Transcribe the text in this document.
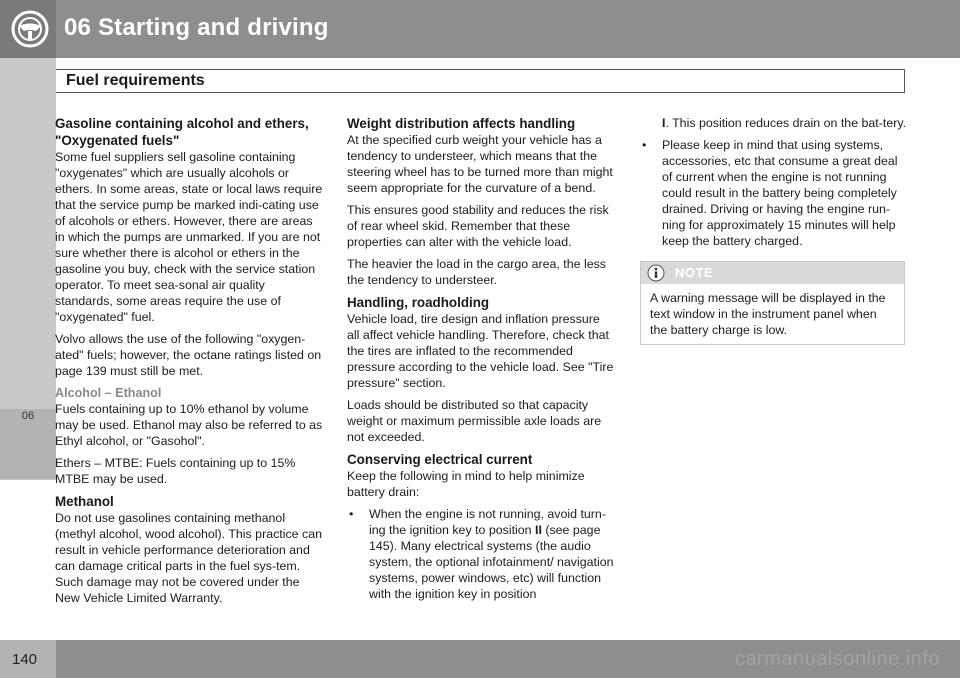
06 Starting and driving
Fuel requirements
06
Gasoline containing alcohol and ethers, "Oxygenated fuels"

Some fuel suppliers sell gasoline containing "oxygenates" which are usually alcohols or ethers. In some areas, state or local laws require that the service pump be marked indi-cating use of alcohols or ethers. However, there are areas in which the pumps are unmarked. If you are not sure whether there is alcohol or ethers in the gasoline you buy, check with the service station operator. To meet sea-sonal air quality standards, some areas require the use of "oxygenated" fuel.

Volvo allows the use of the following "oxygen-ated" fuels; however, the octane ratings listed on page 139 must still be met.

Alcohol – Ethanol

Fuels containing up to 10% ethanol by volume may be used. Ethanol may also be referred to as Ethyl alcohol, or "Gasohol".

Ethers – MTBE: Fuels containing up to 15% MTBE may be used.

Methanol

Do not use gasolines containing methanol (methyl alcohol, wood alcohol). This practice can result in vehicle performance deterioration and can damage critical parts in the fuel sys-tem. Such damage may not be covered under the New Vehicle Limited Warranty.

Weight distribution affects handling

At the specified curb weight your vehicle has a tendency to understeer, which means that the steering wheel has to be turned more than might seem appropriate for the curvature of a bend.

This ensures good stability and reduces the risk of rear wheel skid. Remember that these properties can alter with the vehicle load.

The heavier the load in the cargo area, the less the tendency to understeer.

Handling, roadholding

Vehicle load, tire design and inflation pressure all affect vehicle handling. Therefore, check that the tires are inflated to the recommended pressure according to the vehicle load. See "Tire pressure" section.

Loads should be distributed so that capacity weight or maximum permissible axle loads are not exceeded.

Conserving electrical current

Keep the following in mind to help minimize battery drain:

• When the engine is not running, avoid turn-ing the ignition key to position II (see page 145). Many electrical systems (the audio system, the optional infotainment/ navigation systems, power windows, etc) will function with the ignition key in position
I. This position reduces drain on the bat-tery.
• Please keep in mind that using systems, accessories, etc that consume a great deal of current when the engine is not running could result in the battery being completely drained. Driving or having the engine run-ning for approximately 15 minutes will help keep the battery charged.
NOTE
A warning message will be displayed in the text window in the instrument panel when the battery charge is low.
140	carmanualsonline.info
